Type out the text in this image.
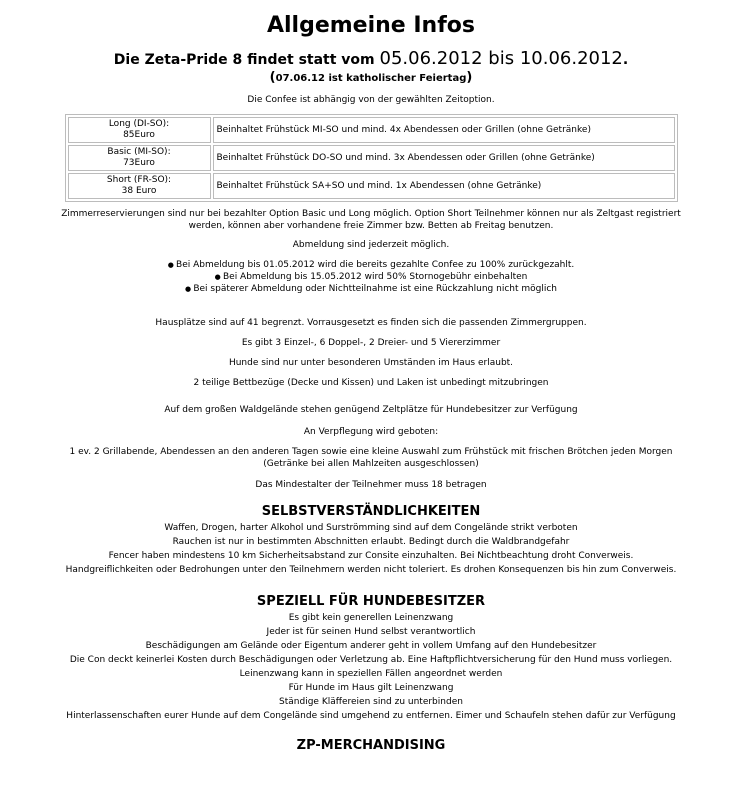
Allgemeine Infos
Die Zeta-Pride 8 findet statt vom 05.06.2012 bis 10.06.2012.
(07.06.12 ist katholischer Feiertag)

Die Confee ist abhängig von der gewählten Zeitoption.

Long (DI-SO):
85Euro	Beinhaltet Frühstück MI-SO und mind. 4x Abendessen oder Grillen (ohne Getränke)
Basic (MI-SO):
73Euro	Beinhaltet Frühstück DO-SO und mind. 3x Abendessen oder Grillen (ohne Getränke)
Short (FR-SO):
38 Euro	Beinhaltet Frühstück SA+SO und mind. 1x Abendessen (ohne Getränke)

Zimmerreservierungen sind nur bei bezahlter Option Basic und Long möglich. Option Short Teilnehmer können nur als Zeltgast registriert

werden, können aber vorhandene freie Zimmer bzw. Betten ab Freitag benutzen.

Abmeldung sind jederzeit möglich.

● Bei Abmeldung bis 01.05.2012 wird die bereits gezahlte Confee zu 100% zurückgezahlt.
● Bei Abmeldung bis 15.05.2012 wird 50% Stornogebühr einbehalten
● Bei späterer Abmeldung oder Nichtteilnahme ist eine Rückzahlung nicht möglich

Hausplätze sind auf 41 begrenzt. Vorrausgesetzt es finden sich die passenden Zimmergruppen.

Es gibt 3 Einzel-, 6 Doppel-, 2 Dreier- und 5 Viererzimmer

Hunde sind nur unter besonderen Umständen im Haus erlaubt.

2 teilige Bettbezüge (Decke und Kissen) und Laken ist unbedingt mitzubringen

Auf dem großen Waldgelände stehen genügend Zeltplätze für Hundebesitzer zur Verfügung

An Verpflegung wird geboten:

1 ev. 2 Grillabende, Abendessen an den anderen Tagen sowie eine kleine Auswahl zum Frühstück mit frischen Brötchen jeden Morgen

(Getränke bei allen Mahlzeiten ausgeschlossen)

Das Mindestalter der Teilnehmer muss 18 betragen

SELBSTVERSTÄNDLICHKEITEN

Waffen, Drogen, harter Alkohol und Surströmming sind auf dem Congelände strikt verboten

Rauchen ist nur in bestimmten Abschnitten erlaubt. Bedingt durch die Waldbrandgefahr

Fencer haben mindestens 10 km Sicherheitsabstand zur Consite einzuhalten. Bei Nichtbeachtung droht Converweis.

Handgreiflichkeiten oder Bedrohungen unter den Teilnehmern werden nicht toleriert. Es drohen Konsequenzen bis hin zum Converweis.

SPEZIELL FÜR HUNDEBESITZER

Es gibt kein generellen Leinenzwang

Jeder ist für seinen Hund selbst verantwortlich

Beschädigungen am Gelände oder Eigentum anderer geht in vollem Umfang auf den Hundebesitzer

Die Con deckt keinerlei Kosten durch Beschädigungen oder Verletzung ab. Eine Haftpflichtversicherung für den Hund muss vorliegen.

Leinenzwang kann in speziellen Fällen angeordnet werden

Für Hunde im Haus gilt Leinenzwang

Ständige Kläffereien sind zu unterbinden

Hinterlassenschaften eurer Hunde auf dem Congelände sind umgehend zu entfernen. Eimer und Schaufeln stehen dafür zur Verfügung

ZP-MERCHANDISING
